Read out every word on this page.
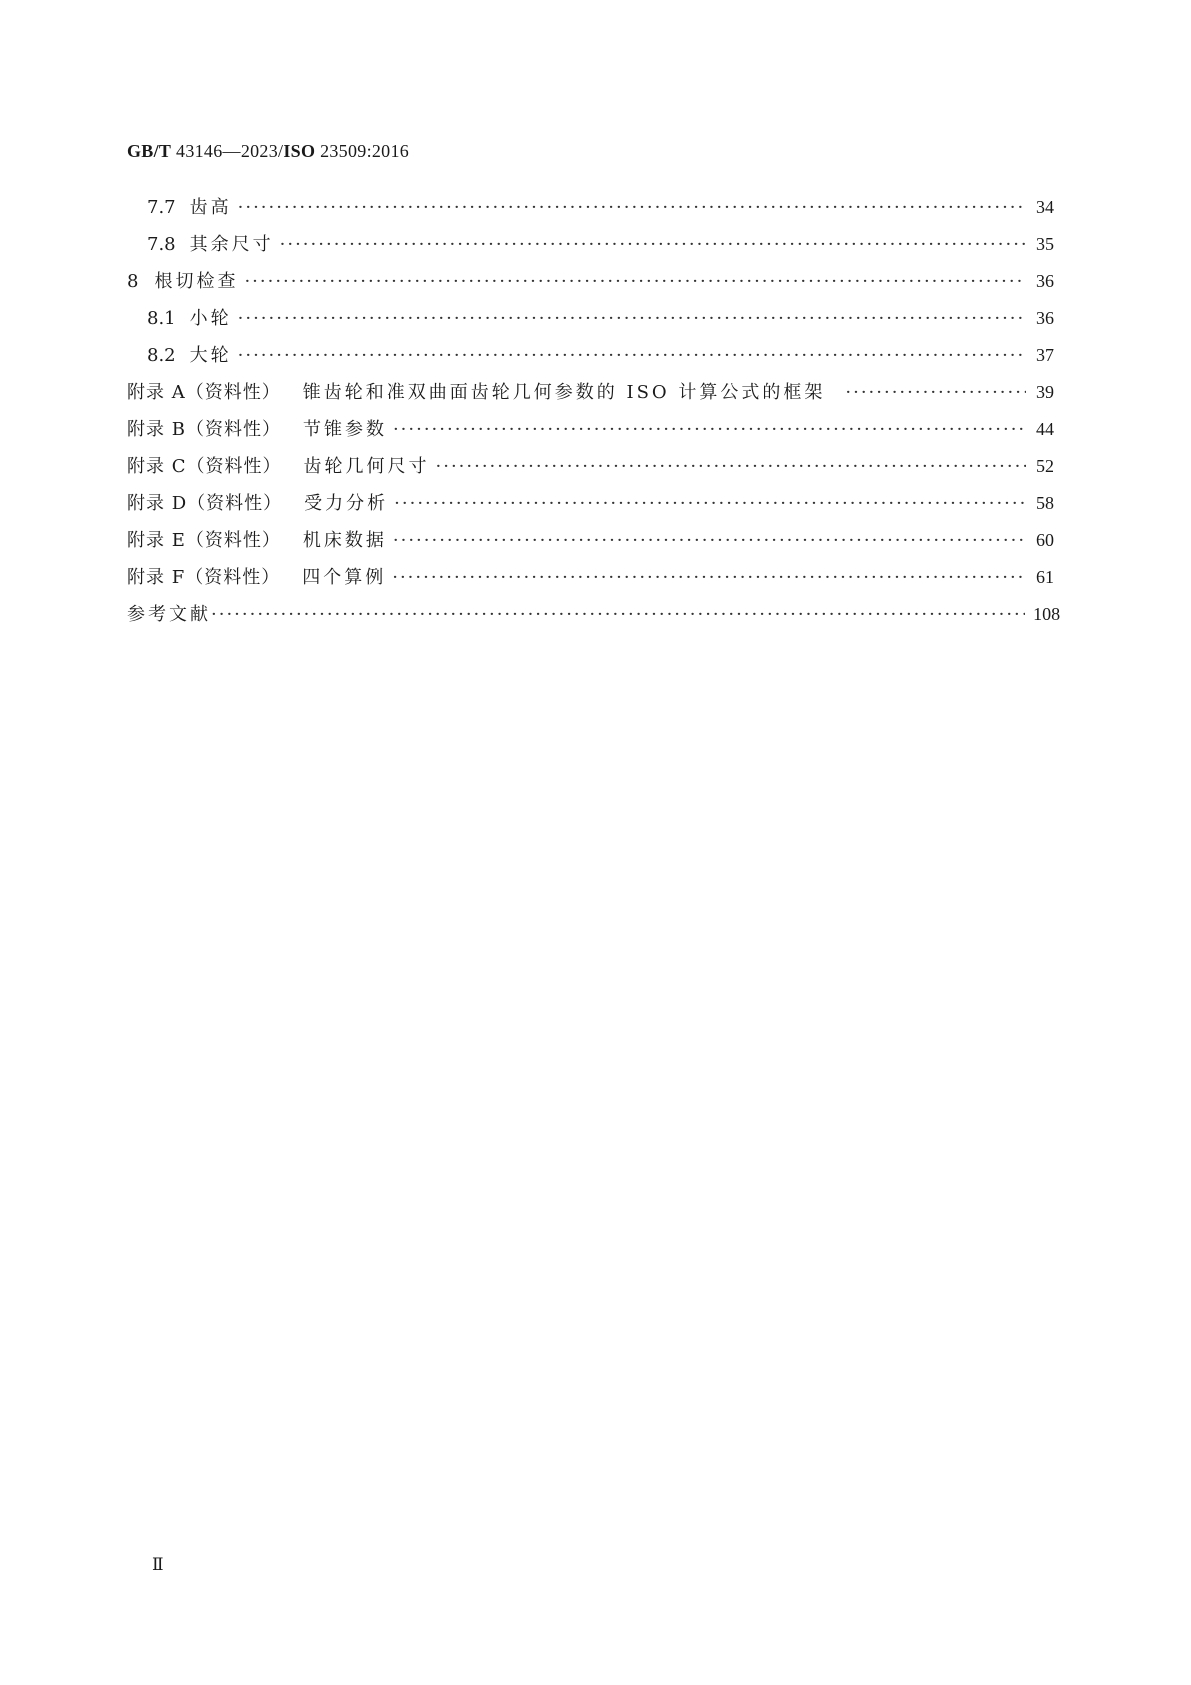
GB/T 43146—2023/ISO 23509:2016
7.7 齿高 ·····	34
7.8 其余尺寸 ·····	35
8 根切检查 ·····	36
8.1 小轮 ·····	36
8.2 大轮 ·····	37
附录 A（资料性） 锥齿轮和准双曲面齿轮几何参数的 ISO 计算公式的框架 ·····	39
附录 B（资料性） 节锥参数 ·····	44
附录 C（资料性） 齿轮几何尺寸 ·····	52
附录 D（资料性） 受力分析 ·····	58
附录 E（资料性） 机床数据 ·····	60
附录 F（资料性） 四个算例 ·····	61
参考文献 ·····	108
Ⅱ
